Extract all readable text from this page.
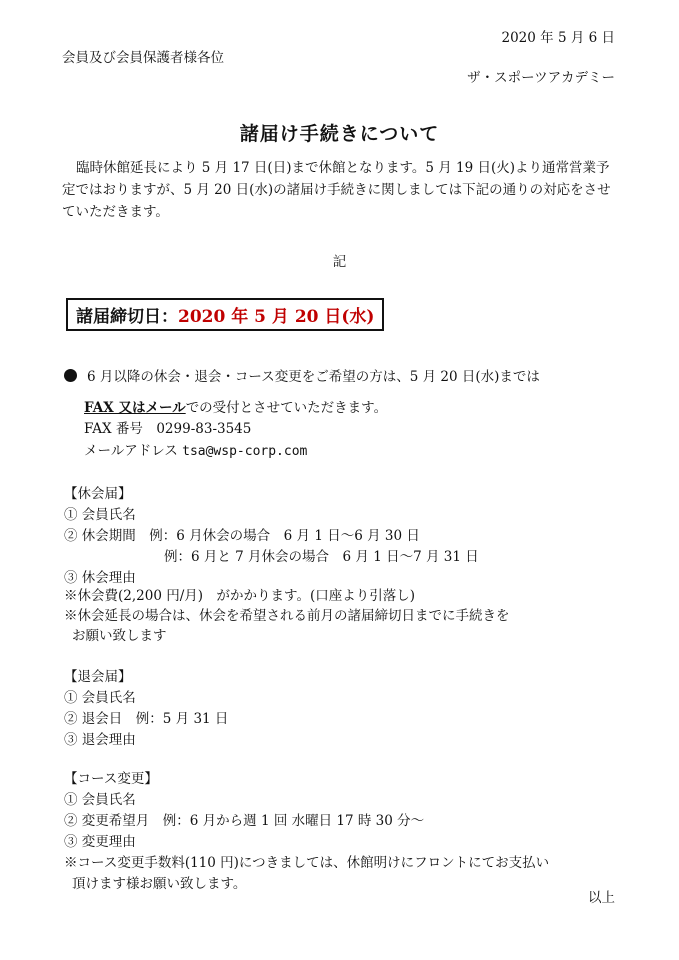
2020 年 5 月 6 日
会員及び会員保護者様各位
ザ・スポーツアカデミー
諸届け手続きについて
臨時休館延長により 5 月 17 日(日)まで休館となります。5 月 19 日(火)より通常営業予定ではおりますが、5 月 20 日(水)の諸届け手続きに関しましては下記の通りの対応をさせていただきます。
記
諸届締切日：2020 年 5 月 20 日(水)
6 月以降の休会・退会・コース変更をご希望の方は、5 月 20 日(水)までは
FAX 又はメールでの受付とさせていただきます。
FAX 番号　0299-83-3545
メールアドレス tsa@wsp-corp.com
【休会届】
① 会員氏名
② 休会期間　例：6 月休会の場合　6 月 1 日〜6 月 30 日
例：6 月と 7 月休会の場合　6 月 1 日〜7 月 31 日
③ 休会理由
※休会費(2,200 円/月)　がかかります。(口座より引落し)
※休会延長の場合は、休会を希望される前月の諸届締切日までに手続きを
お願い致します
【退会届】
① 会員氏名
② 退会日　例：5 月 31 日
③ 退会理由
【コース変更】
① 会員氏名
② 変更希望月　例：6 月から週 1 回 水曜日 17 時 30 分〜
③ 変更理由
※コース変更手数料(110 円)につきましては、休館明けにフロントにてお支払い
頂けます様お願い致します。
以上
